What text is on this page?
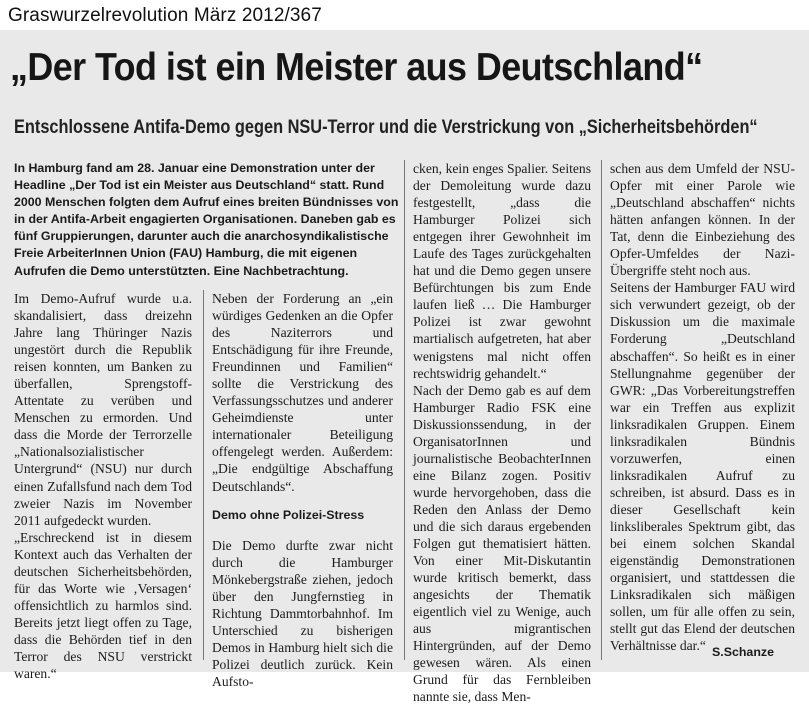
Graswurzelrevolution März 2012/367
„Der Tod ist ein Meister aus Deutschland“
Entschlossene Antifa-Demo gegen NSU-Terror und die Verstrickung von „Sicherheitsbehörden“

In Hamburg fand am 28. Januar eine Demonstration unter der Headline „Der Tod ist ein Meister aus Deutschland“ statt. Rund 2000 Menschen folgten dem Aufruf eines breiten Bündnisses von in der Antifa-Arbeit engagierten Organisationen. Daneben gab es fünf Gruppierungen, darunter auch die anarchosyndikalistische Freie ArbeiterInnen Union (FAU) Hamburg, die mit eigenen Aufrufen die Demo unterstützten. Eine Nachbetrachtung.

Im Demo-Aufruf wurde u.a. skandalisiert, dass dreizehn Jahre lang Thüringer Nazis ungestört durch die Republik reisen konnten, um Banken zu überfallen, Sprengstoff-Attentate zu verüben und Menschen zu ermorden. Und dass die Morde der Terrorzelle „Nationalsozialistischer Untergrund“ (NSU) nur durch einen Zufallsfund nach dem Tod zweier Nazis im November 2011 aufgedeckt wurden.

„Erschreckend ist in diesem Kontext auch das Verhalten der deutschen Sicherheitsbehörden, für das Worte wie ‚Versagen‘ offensichtlich zu harmlos sind. Bereits jetzt liegt offen zu Tage, dass die Behörden tief in den Terror des NSU verstrickt waren.“

Neben der Forderung an „ein würdiges Gedenken an die Opfer des Naziterrors und Entschädigung für ihre Freunde, Freundinnen und Familien“ sollte die Verstrickung des Verfassungsschutzes und anderer Geheimdienste unter internationaler Beteiligung offengelegt werden. Außerdem: „Die endgültige Abschaffung Deutschlands“.

Demo ohne Polizei-Stress

Die Demo durfte zwar nicht durch die Hamburger Mönkebergstraße ziehen, jedoch über den Jungfernstieg in Richtung Dammtorbahnhof. Im Unterschied zu bisherigen Demos in Hamburg hielt sich die Polizei deutlich zurück. Kein Aufsto-

cken, kein enges Spalier. Seitens der Demoleitung wurde dazu festgestellt, „dass die Hamburger Polizei sich entgegen ihrer Gewohnheit im Laufe des Tages zurückgehalten hat und die Demo gegen unsere Befürchtungen bis zum Ende laufen ließ … Die Hamburger Polizei ist zwar gewohnt martialisch aufgetreten, hat aber wenigstens mal nicht offen rechtswidrig gehandelt.“

Nach der Demo gab es auf dem Hamburger Radio FSK eine Diskussionssendung, in der OrganisatorInnen und journalistische BeobachterInnen eine Bilanz zogen. Positiv wurde hervorgehoben, dass die Reden den Anlass der Demo und die sich daraus ergebenden Folgen gut thematisiert hätten. Von einer Mit-Diskutantin wurde kritisch bemerkt, dass angesichts der Thematik eigentlich viel zu Wenige, auch aus migrantischen Hintergründen, auf der Demo gewesen wären. Als einen Grund für das Fernbleiben nannte sie, dass Men-

schen aus dem Umfeld der NSU-Opfer mit einer Parole wie „Deutschland abschaffen“ nichts hätten anfangen können. In der Tat, denn die Einbeziehung des Opfer-Umfeldes der Nazi-Übergriffe steht noch aus.

Seitens der Hamburger FAU wird sich verwundert gezeigt, ob der Diskussion um die maximale Forderung „Deutschland abschaffen“. So heißt es in einer Stellungnahme gegenüber der GWR: „Das Vorbereitungstreffen war ein Treffen aus explizit linksradikalen Gruppen. Einem linksradikalen Bündnis vorzuwerfen, einen linksradikalen Aufruf zu schreiben, ist absurd. Dass es in dieser Gesellschaft kein linksliberales Spektrum gibt, das bei einem solchen Skandal eigenständig Demonstrationen organisiert, und stattdessen die Linksradikalen sich mäßigen sollen, um für alle offen zu sein, stellt gut das Elend der deutschen Verhältnisse dar.“ S.Schanze
